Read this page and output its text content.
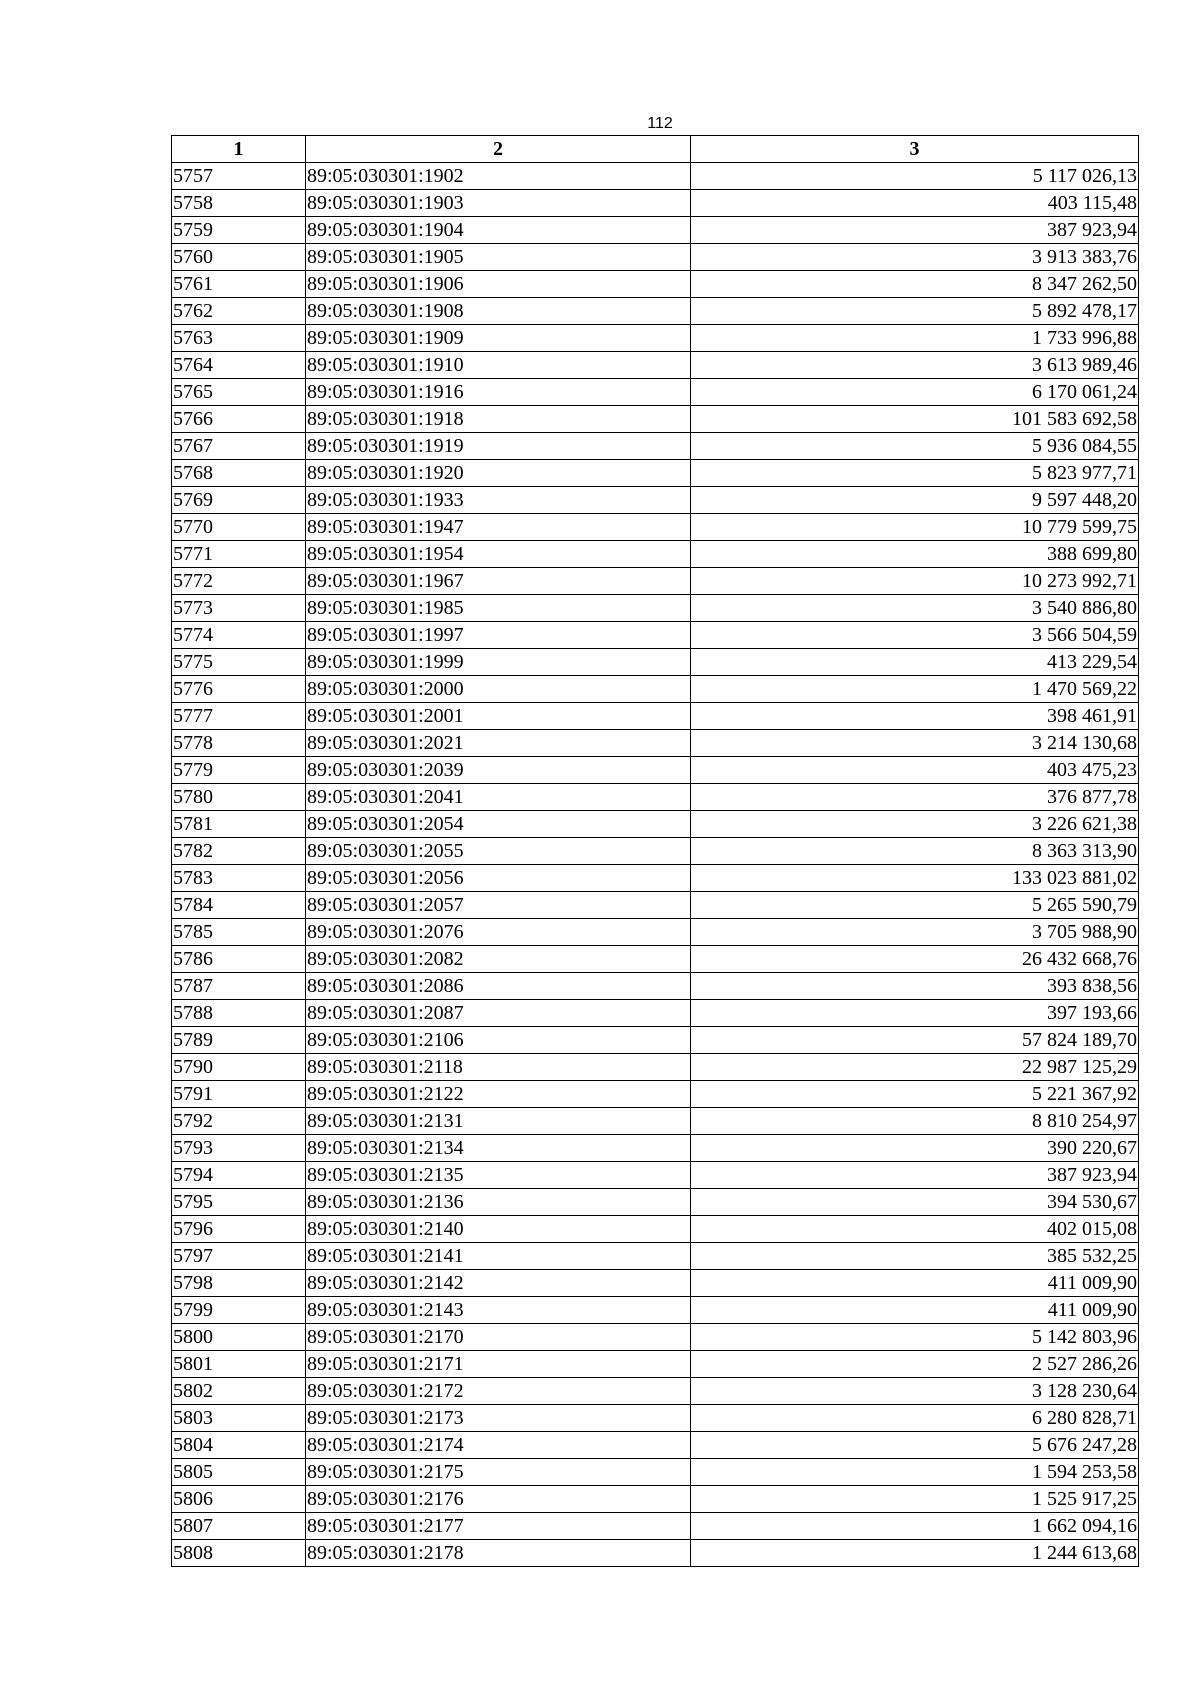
112
1	2	3
5757	89:05:030301:1902	5 117 026,13
5758	89:05:030301:1903	403 115,48
5759	89:05:030301:1904	387 923,94
5760	89:05:030301:1905	3 913 383,76
5761	89:05:030301:1906	8 347 262,50
5762	89:05:030301:1908	5 892 478,17
5763	89:05:030301:1909	1 733 996,88
5764	89:05:030301:1910	3 613 989,46
5765	89:05:030301:1916	6 170 061,24
5766	89:05:030301:1918	101 583 692,58
5767	89:05:030301:1919	5 936 084,55
5768	89:05:030301:1920	5 823 977,71
5769	89:05:030301:1933	9 597 448,20
5770	89:05:030301:1947	10 779 599,75
5771	89:05:030301:1954	388 699,80
5772	89:05:030301:1967	10 273 992,71
5773	89:05:030301:1985	3 540 886,80
5774	89:05:030301:1997	3 566 504,59
5775	89:05:030301:1999	413 229,54
5776	89:05:030301:2000	1 470 569,22
5777	89:05:030301:2001	398 461,91
5778	89:05:030301:2021	3 214 130,68
5779	89:05:030301:2039	403 475,23
5780	89:05:030301:2041	376 877,78
5781	89:05:030301:2054	3 226 621,38
5782	89:05:030301:2055	8 363 313,90
5783	89:05:030301:2056	133 023 881,02
5784	89:05:030301:2057	5 265 590,79
5785	89:05:030301:2076	3 705 988,90
5786	89:05:030301:2082	26 432 668,76
5787	89:05:030301:2086	393 838,56
5788	89:05:030301:2087	397 193,66
5789	89:05:030301:2106	57 824 189,70
5790	89:05:030301:2118	22 987 125,29
5791	89:05:030301:2122	5 221 367,92
5792	89:05:030301:2131	8 810 254,97
5793	89:05:030301:2134	390 220,67
5794	89:05:030301:2135	387 923,94
5795	89:05:030301:2136	394 530,67
5796	89:05:030301:2140	402 015,08
5797	89:05:030301:2141	385 532,25
5798	89:05:030301:2142	411 009,90
5799	89:05:030301:2143	411 009,90
5800	89:05:030301:2170	5 142 803,96
5801	89:05:030301:2171	2 527 286,26
5802	89:05:030301:2172	3 128 230,64
5803	89:05:030301:2173	6 280 828,71
5804	89:05:030301:2174	5 676 247,28
5805	89:05:030301:2175	1 594 253,58
5806	89:05:030301:2176	1 525 917,25
5807	89:05:030301:2177	1 662 094,16
5808	89:05:030301:2178	1 244 613,68
